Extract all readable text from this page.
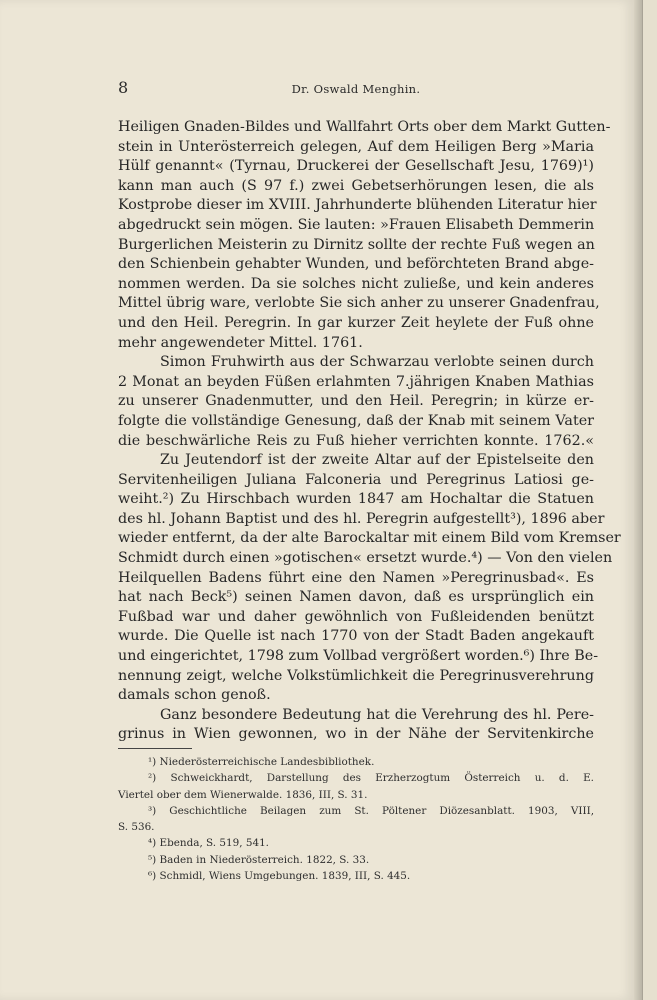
8	Dr. Oswald Menghin.
Heiligen Gnaden-Bildes und Wallfahrt Orts ober dem Markt Gutten-
stein in Unterösterreich gelegen, Auf dem Heiligen Berg »Maria
Hülf genannt« (Tyrnau, Druckerei der Gesellschaft Jesu, 1769)¹)
kann man auch (S 97 f.) zwei Gebetserhörungen lesen, die als
Kostprobe dieser im XVIII. Jahrhunderte blühenden Literatur hier
abgedruckt sein mögen. Sie lauten: »Frauen Elisabeth Demmerin
Burgerlichen Meisterin zu Dirnitz sollte der rechte Fuß wegen an
den Schienbein gehabter Wunden, und beförchteten Brand abge-
nommen werden. Da sie solches nicht zuließe, und kein anderes
Mittel übrig ware, verlobte Sie sich anher zu unserer Gnadenfrau,
und den Heil. Peregrin. In gar kurzer Zeit heylete der Fuß ohne
mehr angewendeter Mittel. 1761.
Simon Fruhwirth aus der Schwarzau verlobte seinen durch
2 Monat an beyden Füßen erlahmten 7.jährigen Knaben Mathias
zu unserer Gnadenmutter, und den Heil. Peregrin; in kürze er-
folgte die vollständige Genesung, daß der Knab mit seinem Vater
die beschwärliche Reis zu Fuß hieher verrichten konnte. 1762.«
Zu Jeutendorf ist der zweite Altar auf der Epistelseite den
Servitenheiligen Juliana Falconeria und Peregrinus Latiosi ge-
weiht.²) Zu Hirschbach wurden 1847 am Hochaltar die Statuen
des hl. Johann Baptist und des hl. Peregrin aufgestellt³), 1896 aber
wieder entfernt, da der alte Barockaltar mit einem Bild vom Kremser
Schmidt durch einen »gotischen« ersetzt wurde.⁴) — Von den vielen
Heilquellen Badens führt eine den Namen »Peregrinusbad«. Es
hat nach Beck⁵) seinen Namen davon, daß es ursprünglich ein
Fußbad war und daher gewöhnlich von Fußleidenden benützt
wurde. Die Quelle ist nach 1770 von der Stadt Baden angekauft
und eingerichtet, 1798 zum Vollbad vergrößert worden.⁶) Ihre Be-
nennung zeigt, welche Volkstümlichkeit die Peregrinusverehrung
damals schon genoß.
Ganz besondere Bedeutung hat die Verehrung des hl. Pere-
grinus in Wien gewonnen, wo in der Nähe der Servitenkirche
¹) Niederösterreichische Landesbibliothek.
²) Schweickhardt, Darstellung des Erzherzogtum Österreich u. d. E.
Viertel ober dem Wienerwalde. 1836, III, S. 31.
³) Geschichtliche Beilagen zum St. Pöltener Diözesanblatt. 1903, VIII,
S. 536.
⁴) Ebenda, S. 519, 541.
⁵) Baden in Niederösterreich. 1822, S. 33.
⁶) Schmidl, Wiens Umgebungen. 1839, III, S. 445.
